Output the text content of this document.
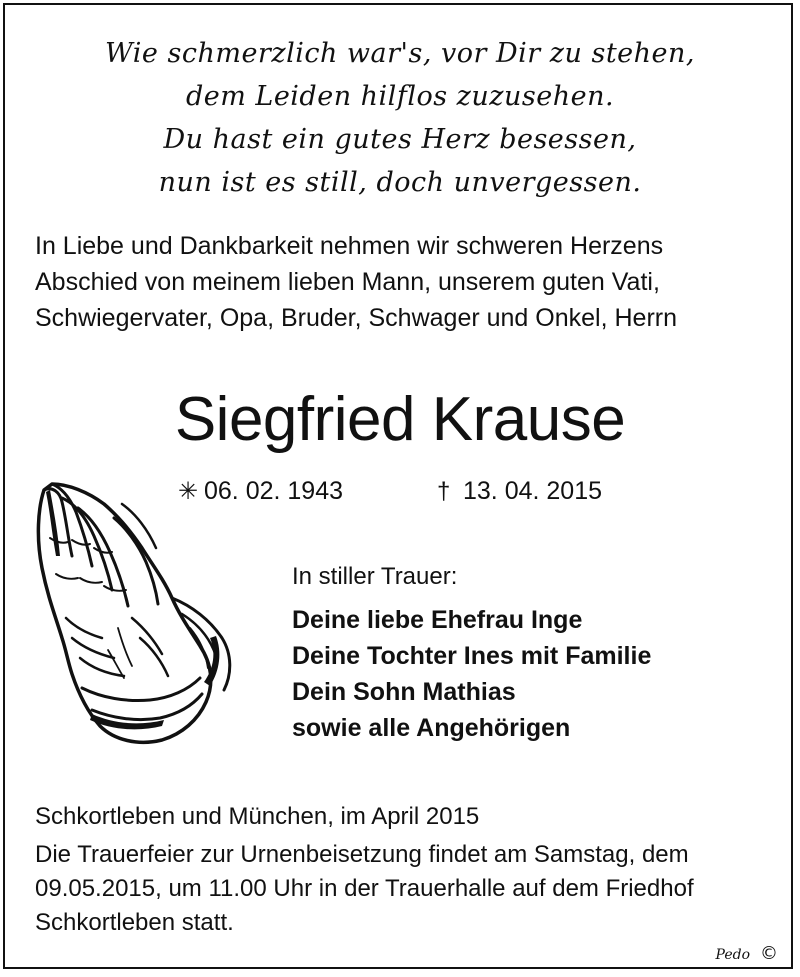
Wie schmerzlich war's, vor Dir zu stehen,
dem Leiden hilflos zuzusehen.
Du hast ein gutes Herz besessen,
nun ist es still, doch unvergessen.
In Liebe und Dankbarkeit nehmen wir schweren Herzens
Abschied von meinem lieben Mann, unserem guten Vati,
Schwiegervater, Opa, Bruder, Schwager und Onkel, Herrn
Siegfried Krause
✳ 06. 02. 1943	† 13. 04. 2015
In stiller Trauer:
Deine liebe Ehefrau Inge
Deine Tochter Ines mit Familie
Dein Sohn Mathias
sowie alle Angehörigen
Schkortleben und München, im April 2015
Die Trauerfeier zur Urnenbeisetzung findet am Samstag, dem
09.05.2015, um 11.00 Uhr in der Trauerhalle auf dem Friedhof
Schkortleben statt.
Pedo ©
